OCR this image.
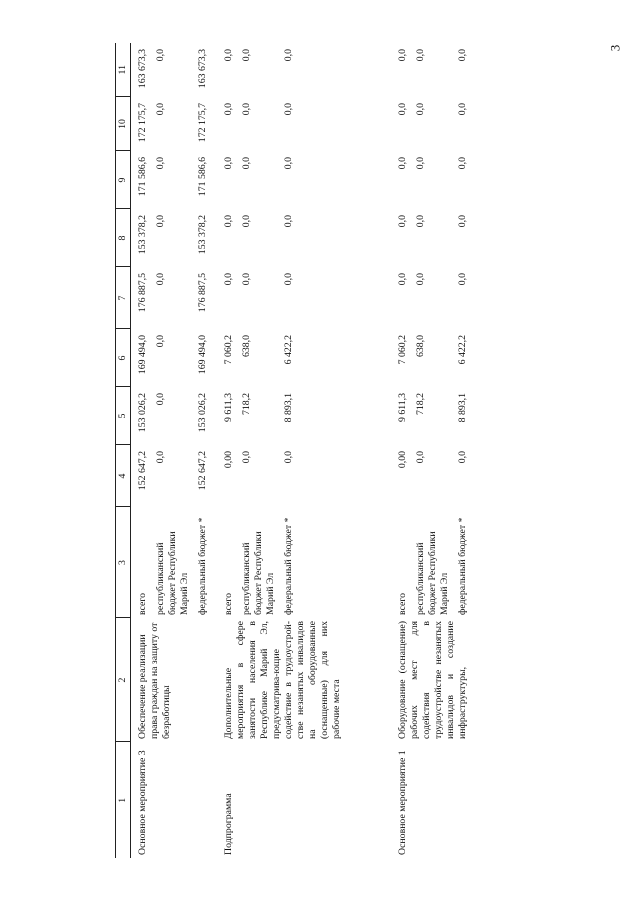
3
1	2	3	4	5	6	7	8	9	10	11
Основное мероприятие 3	Обеспечение реализации права граждан на защиту от безработицы	всего	152 647,2	153 026,2	169 494,0	176 887,5	153 378,2	171 586,6	172 175,7	163 673,3
		республиканский бюджет Республики Марий Эл	0,0	0,0	0,0	0,0	0,0	0,0	0,0	0,0
		федеральный бюджет *	152 647,2	153 026,2	169 494,0	176 887,5	153 378,2	171 586,6	172 175,7	163 673,3
Подпрограмма	Дополнительные мероприятия в сфере занятости населения в Республике Марий Эл, предусматрива-ющие содействие в трудоустрой-стве незанятых инвалидов на оборудованные (оснащенные) для них рабочие места	всего	0,00	9 611,3	7 060,2	0,0	0,0	0,0	0,0	0,0
		республиканский бюджет Республики Марий Эл	0,0	718,2	638,0	0,0	0,0	0,0	0,0	0,0
		федеральный бюджет *	0,0	8 893,1	6 422,2	0,0	0,0	0,0	0,0	0,0
Основное мероприятие 1	Оборудование (оснащение) рабочих мест для содействия в трудоустройстве незанятых инвалидов и создание инфраструктуры,	всего	0,00	9 611,3	7 060,2	0,0	0,0	0,0	0,0	0,0
		республиканский бюджет Республики Марий Эл	0,0	718,2	638,0	0,0	0,0	0,0	0,0	0,0
		федеральный бюджет *	0,0	8 893,1	6 422,2	0,0	0,0	0,0	0,0	0,0
